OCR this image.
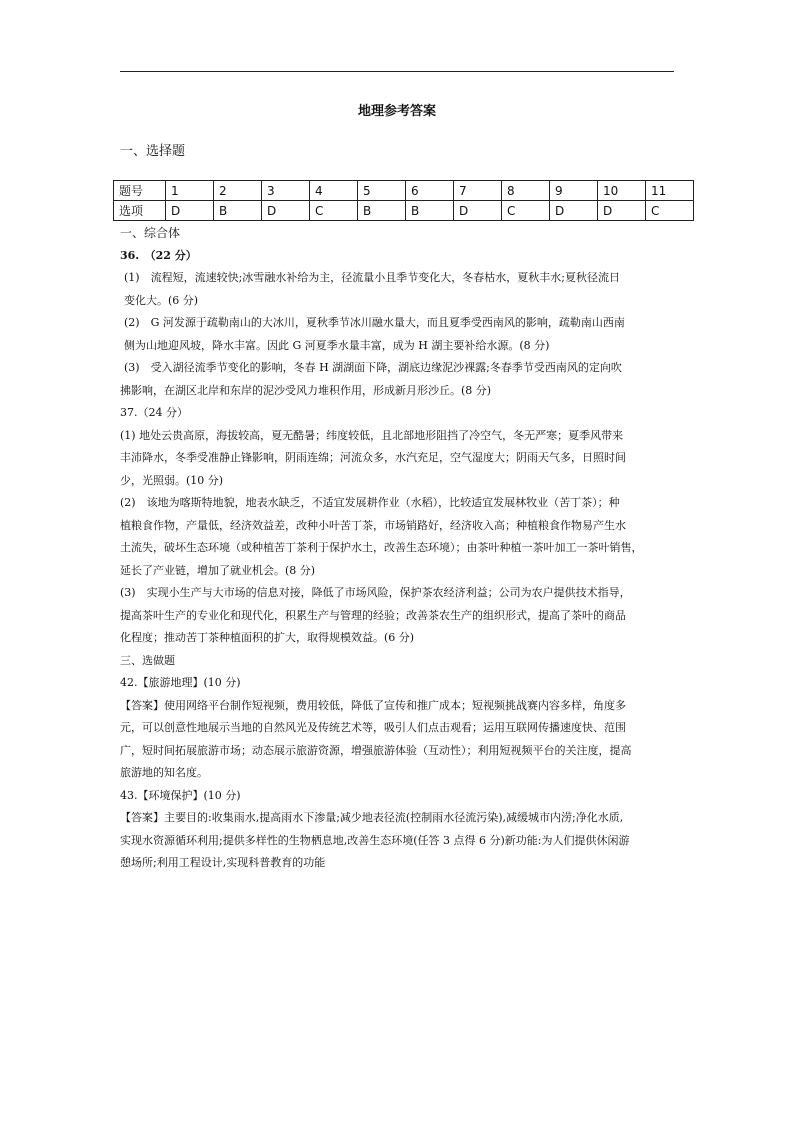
地理参考答案
一、选择题
题号	1	2	3	4	5	6	7	8	9	10	11
选项	D	B	D	C	B	B	D	C	D	D	C

一、综合体

36.　（22 分）

(1)　流程短，流速较快;冰雪融水补给为主，径流量小且季节变化大，冬春枯水，夏秋丰水;夏秋径流日

变化大。(6 分)

(2)　G 河发源于疏勒南山的大冰川，夏秋季节冰川融水量大，而且夏季受西南风的影响，疏勒南山西南

侧为山地迎风坡，降水丰富。因此 G 河夏季水量丰富，成为 H 湖主要补给水源。(8 分)

(3)　受入湖径流季节变化的影响，冬春 H 湖湖面下降，湖底边缘泥沙裸露;冬春季节受西南风的定向吹

拂影响，在湖区北岸和东岸的泥沙受风力堆积作用，形成新月形沙丘。(8 分)

37.（24 分）

(1) 地处云贵高原，海拔较高，夏无酷暑；纬度较低，且北部地形阻挡了冷空气，冬无严寒；夏季风带来

丰沛降水，冬季受准静止锋影响，阴雨连绵；河流众多，水汽充足，空气湿度大；阴雨天气多，日照时间

少，光照弱。(10 分)

(2)　该地为喀斯特地貌，地表水缺乏，不适宜发展耕作业（水稻），比较适宜发展林牧业（苦丁茶）；种

植粮食作物，产量低，经济效益差，改种小叶苦丁茶，市场销路好，经济收入高；种植粮食作物易产生水

土流失，破坏生态环境（或种植苦丁茶利于保护水土，改善生态环境）；由茶叶种植一茶叶加工一茶叶销售，

延长了产业链，增加了就业机会。(8 分)

(3)　实现小生产与大市场的信息对接，降低了市场风险，保护茶农经济利益；公司为农户提供技术指导，

提高茶叶生产的专业化和现代化，积累生产与管理的经验；改善茶农生产的组织形式，提高了茶叶的商品

化程度；推动苦丁茶种植面积的扩大，取得规模效益。(6 分)

三、选做题

42.【旅游地理】(10 分)

【答案】使用网络平台制作短视频，费用较低，降低了宣传和推广成本；短视频挑战赛内容多样，角度多

元，可以创意性地展示当地的自然风光及传统艺术等，吸引人们点击观看；运用互联网传播速度快、范围

广，短时间拓展旅游市场；动态展示旅游资源，增强旅游体验（互动性）；利用短视频平台的关注度，提高

旅游地的知名度。

43.【环境保护】(10 分)

【答案】主要目的:收集雨水,提高雨水下渗量;减少地表径流(控制雨水径流污染),减缓城市内涝;净化水质,

实现水资源循环利用;提供多样性的生物栖息地,改善生态环境(任答 3 点得 6 分)新功能:为人们提供休闲游

憩场所;利用工程设计,实现科普教育的功能
